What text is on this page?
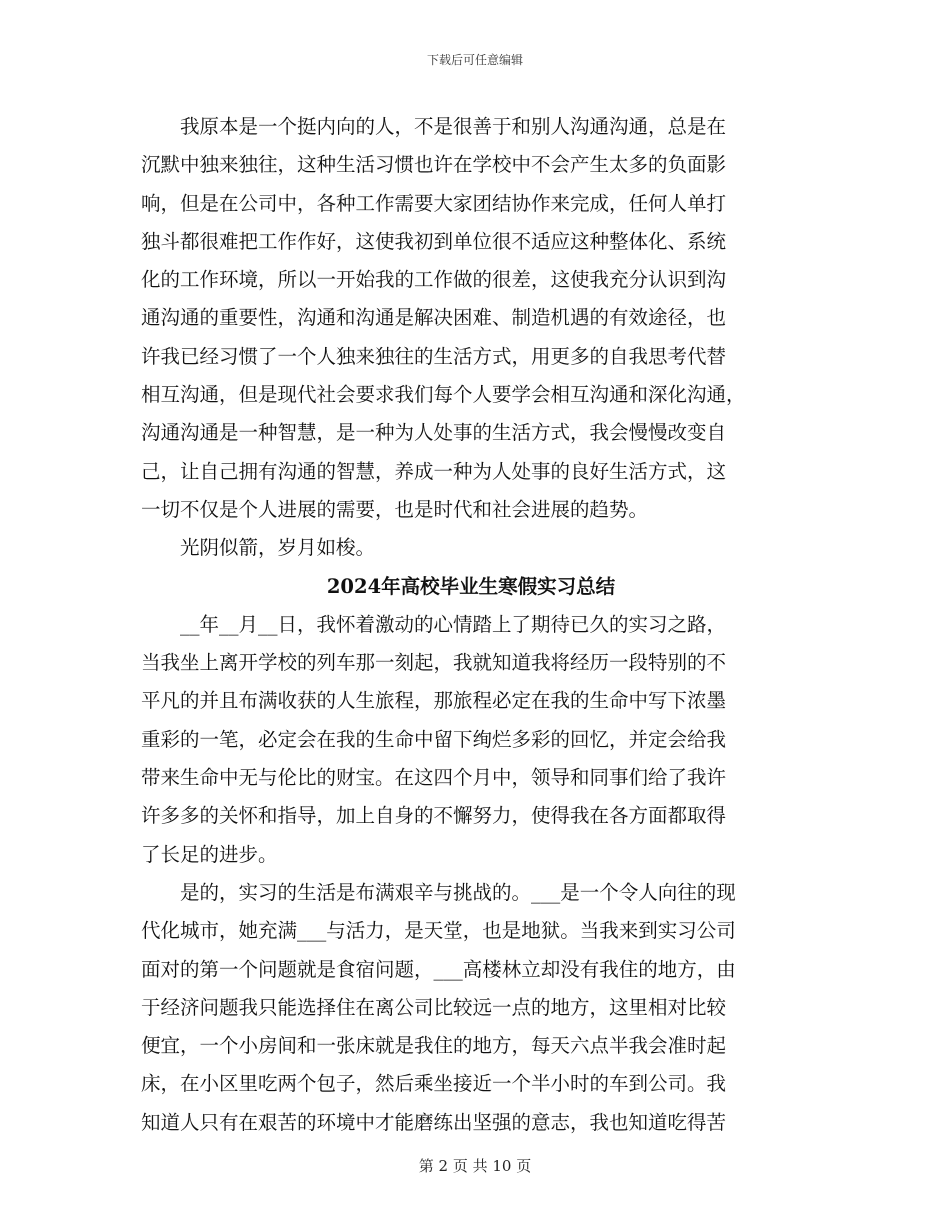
下载后可任意编辑
　　我原本是一个挺内向的人，不是很善于和别人沟通沟通，总是在
沉默中独来独往，这种生活习惯也许在学校中不会产生太多的负面影
响，但是在公司中，各种工作需要大家团结协作来完成，任何人单打
独斗都很难把工作作好，这使我初到单位很不适应这种整体化、系统
化的工作环境，所以一开始我的工作做的很差，这使我充分认识到沟
通沟通的重要性，沟通和沟通是解决困难、制造机遇的有效途径，也
许我已经习惯了一个人独来独往的生活方式，用更多的自我思考代替
相互沟通，但是现代社会要求我们每个人要学会相互沟通和深化沟通，
沟通沟通是一种智慧，是一种为人处事的生活方式，我会慢慢改变自
己，让自己拥有沟通的智慧，养成一种为人处事的良好生活方式，这
一切不仅是个人进展的需要，也是时代和社会进展的趋势。
　　光阴似箭，岁月如梭。
2024年高校毕业生寒假实习总结
　　__年__月__日，我怀着激动的心情踏上了期待已久的实习之路，
当我坐上离开学校的列车那一刻起，我就知道我将经历一段特别的不
平凡的并且布满收获的人生旅程，那旅程必定在我的生命中写下浓墨
重彩的一笔，必定会在我的生命中留下绚烂多彩的回忆，并定会给我
带来生命中无与伦比的财宝。在这四个月中，领导和同事们给了我许
许多多的关怀和指导，加上自身的不懈努力，使得我在各方面都取得
了长足的进步。
　　是的，实习的生活是布满艰辛与挑战的。___是一个令人向往的现
代化城市，她充满___与活力，是天堂，也是地狱。当我来到实习公司
面对的第一个问题就是食宿问题，___高楼林立却没有我住的地方，由
于经济问题我只能选择住在离公司比较远一点的地方，这里相对比较
便宜，一个小房间和一张床就是我住的地方，每天六点半我会准时起
床，在小区里吃两个包子，然后乘坐接近一个半小时的车到公司。我
知道人只有在艰苦的环境中才能磨练出坚强的意志，我也知道吃得苦
第 2 页 共 10 页
